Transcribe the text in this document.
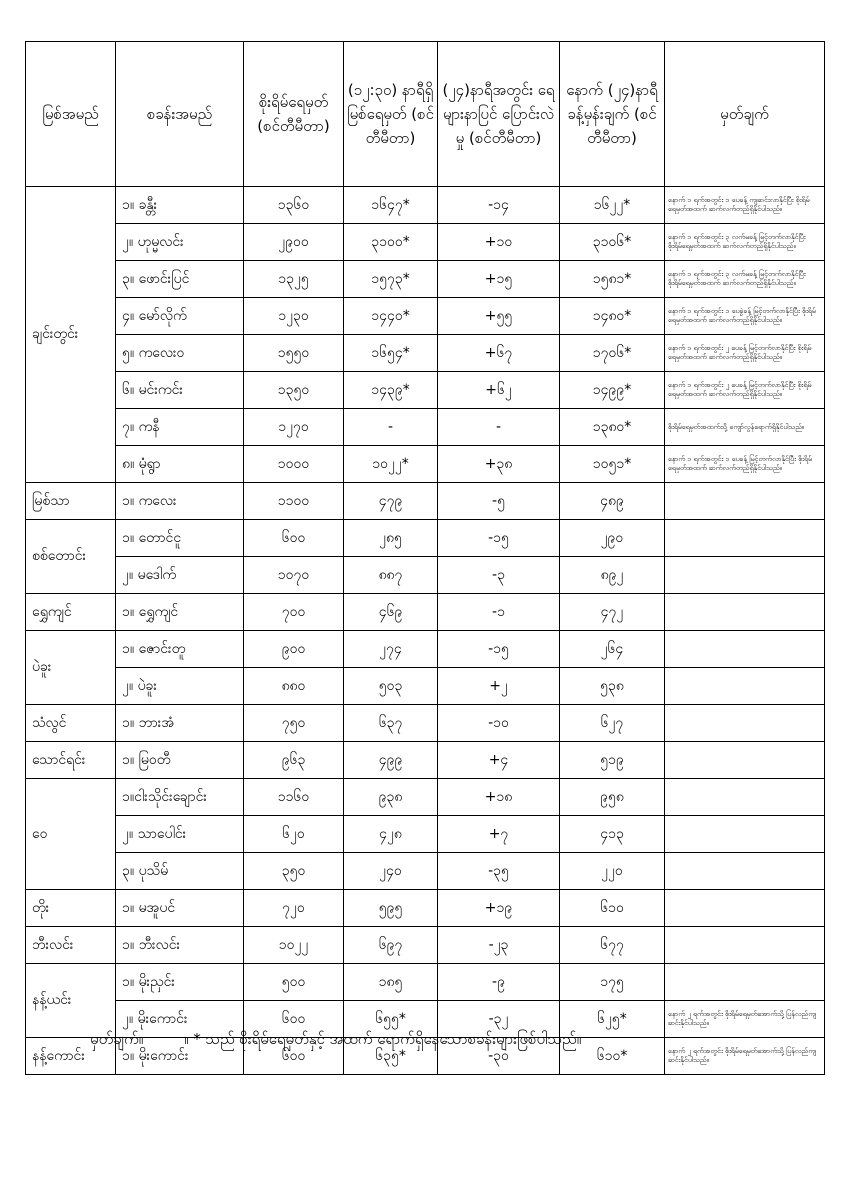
မြစ်အမည်	စခန်းအမည်	စိုးရိမ်ရေမှတ် (စင်တီမီတာ)	(၁၂:၃၀) နာရီရှိ မြစ်ရေမှတ် (စင်တီမီတာ)	(၂၄)နာရီအတွင်း ရေများနာပြင် ပြောင်းလဲမှု (စင်တီမီတာ)	နောက် (၂၄)နာရီ ခန့်မှန်းချက် (စင်တီမီတာ)	မှတ်ချက်
ချင်းတွင်း	၁။ ခန္တီး	၁၃၆၀	၁၆၄၇*	-၁၄	၁၆၂၂*	နောက် ၁ ရက်အတွင်း ၁ ပေခန့် ကျဆင်းလာနိုင်ပြီး စိုးရိမ်ရေမှတ်အထက် ဆက်လက်တည်ရှိနိုင်ပါသည်။
	၂။ ဟုမ္မလင်း	၂၉၀၀	၃၁၀၀*	+၁၀	၃၁၀၆*	နောက် ၁ ရက်အတွင်း ၃ လက်မခန့် မြင့်တက်လာနိုင်ပြီး စိုးရိမ်ရေမှတ်အထက် ဆက်လက်တည်ရှိနိုင်ပါသည်။
	၃။ ဖောင်းပြင်	၁၃၂၅	၁၅၇၃*	+၁၅	၁၅၈၁*	နောက် ၁ ရက်အတွင်း ၃ လက်မခန့် မြင့်တက်လာနိုင်ပြီး စိုးရိမ်ရေမှတ်အထက် ဆက်လက်တည်ရှိနိုင်ပါသည်။
	၄။ မော်လိုက်	၁၂၃၀	၁၄၄၀*	+၅၅	၁၄၈၀*	နောက် ၁ ရက်အတွင်း ၁ ပေခွဲခန့် မြင့်တက်လာနိုင်ပြီး စိုးရိမ်ရေမှတ်အထက် ဆက်လက်တည်ရှိနိုင်ပါသည်။
	၅။ ကလေးဝ	၁၅၅၀	၁၆၅၄*	+၆၇	၁၇၀၆*	နောက် ၁ ရက်အတွင်း ၂ ပေခန့် မြင့်တက်လာနိုင်ပြီး စိုးရိမ်ရေမှတ်အထက် ဆက်လက်တည်ရှိနိုင်ပါသည်။
	၆။ မင်းကင်း	၁၃၅၀	၁၄၃၉*	+၆၂	၁၄၉၉*	နောက် ၁ ရက်အတွင်း ၂ ပေခန့် မြင့်တက်လာနိုင်ပြီး စိုးရိမ်ရေမှတ်အထက် ဆက်လက်တည်ရှိနိုင်ပါသည်။
	၇။ ကနီ	၁၂၇၀	-	-	၁၃၈၀*	စိုးရိမ်ရေမှတ်အထက်သို့ ကျော်လွန်ရောက်ရှိနိုင်ပါသည်။
	၈။ မုံရွာ	၁၀၀၀	၁၀၂၂*	+၃၈	၁၀၅၁*	နောက် ၁ ရက်အတွင်း ၁ ပေခန့် မြင့်တက်လာနိုင်ပြီး စိုးရိမ်ရေမှတ်အထက် ဆက်လက်တည်ရှိနိုင်ပါသည်။
မြစ်သာ	၁။ ကလေး	၁၁၀၀	၄၇၉	-၅	၄၈၉	
စစ်တောင်း	၁။ တောင်ငူ	၆၀၀	၂၈၅	-၁၅	၂၉၀	
	၂။ မဒေါက်	၁၀၇၀	၈၈၇	-၃	၈၉၂	
ရွှေကျင်	၁။ ရွှေကျင်	၇၀၀	၄၆၉	-၁	၄၇၂	
ပဲခူး	၁။ ဇောင်းတူ	၉၀၀	၂၇၄	-၁၅	၂၆၄	
	၂။ ပဲခူး	၈၈၀	၅၀၃	+၂	၅၃၈	
သံလွင်	၁။ ဘားအံ	၇၅၀	၆၃၇	-၁၀	၆၂၇	
သောင်ရင်း	၁။ မြဝတီ	၉၆၃	၄၉၉	+၄	၅၁၉	
ဝေ	၁။ငါးသိုင်းချောင်း	၁၁၆၀	၉၃၈	+၁၈	၉၅၈	
	၂။ သာပေါင်း	၆၂၀	၄၂၈	+၇	၄၁၃	
	၃။ ပုသိမ်	၃၅၀	၂၄၀	-၃၅	၂၂၀	
တိုး	၁။ မအူပင်	၇၂၀	၅၉၅	+၁၉	၆၁၀	
ဘီးလင်း	၁။ ဘီးလင်း	၁၀၂၂	၆၉၇	-၂၃	၆၇၇	
နန့်ယင်း	၁။ မိုးညှင်း	၅၀၀	၁၈၅	-၉	၁၇၅	
	၂။ မိုးကောင်း	၆၀၀	၆၅၅*	-၃၂	၆၂၅*	နောက် ၂ ရက်အတွင်း စိုးရိမ်ရေမှတ်အောက်သို့ ပြန်လည်ကျဆင်းနိုင်ပါသည်။
နန့်ကောင်း	၁။ မိုးကောင်း	၆၀၀	၆၃၅*	-၃၀	၆၁၀*	နောက် ၂ ရက်အတွင်း စိုးရိမ်ရေမှတ်အောက်သို့ ပြန်လည်ကျဆင်းနိုင်ပါသည်။
မှတ်ချက်။	။ * သည် စိုးရိမ်ရေမှတ်နှင့် အထက် ရောက်ရှိနေသောစခန်းများဖြစ်ပါသည်။
